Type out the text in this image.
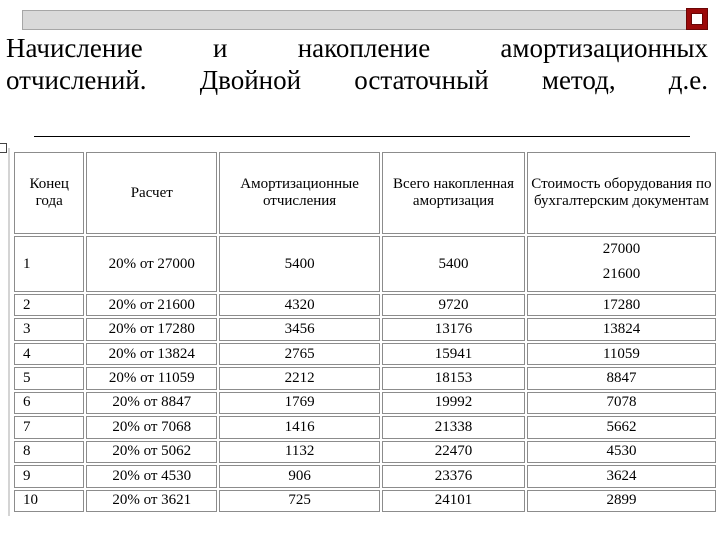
Начисление и накопление амортизационных
отчислений. Двойной остаточный метод, д.е.
Конец года	Расчет	Амортизационные отчисления	Всего накопленная амортизация	Стоимость оборудования по бухгалтерским документам
1	20% от 27000	5400	5400	27000
21600

2	20% от 21600	4320	9720	17280
3	20% от 17280	3456	13176	13824
4	20% от 13824	2765	15941	11059
5	20% от 11059	2212	18153	8847
6	20% от 8847	1769	19992	7078
7	20% от 7068	1416	21338	5662
8	20% от 5062	1132	22470	4530
9	20% от 4530	906	23376	3624
10	20% от 3621	725	24101	2899
